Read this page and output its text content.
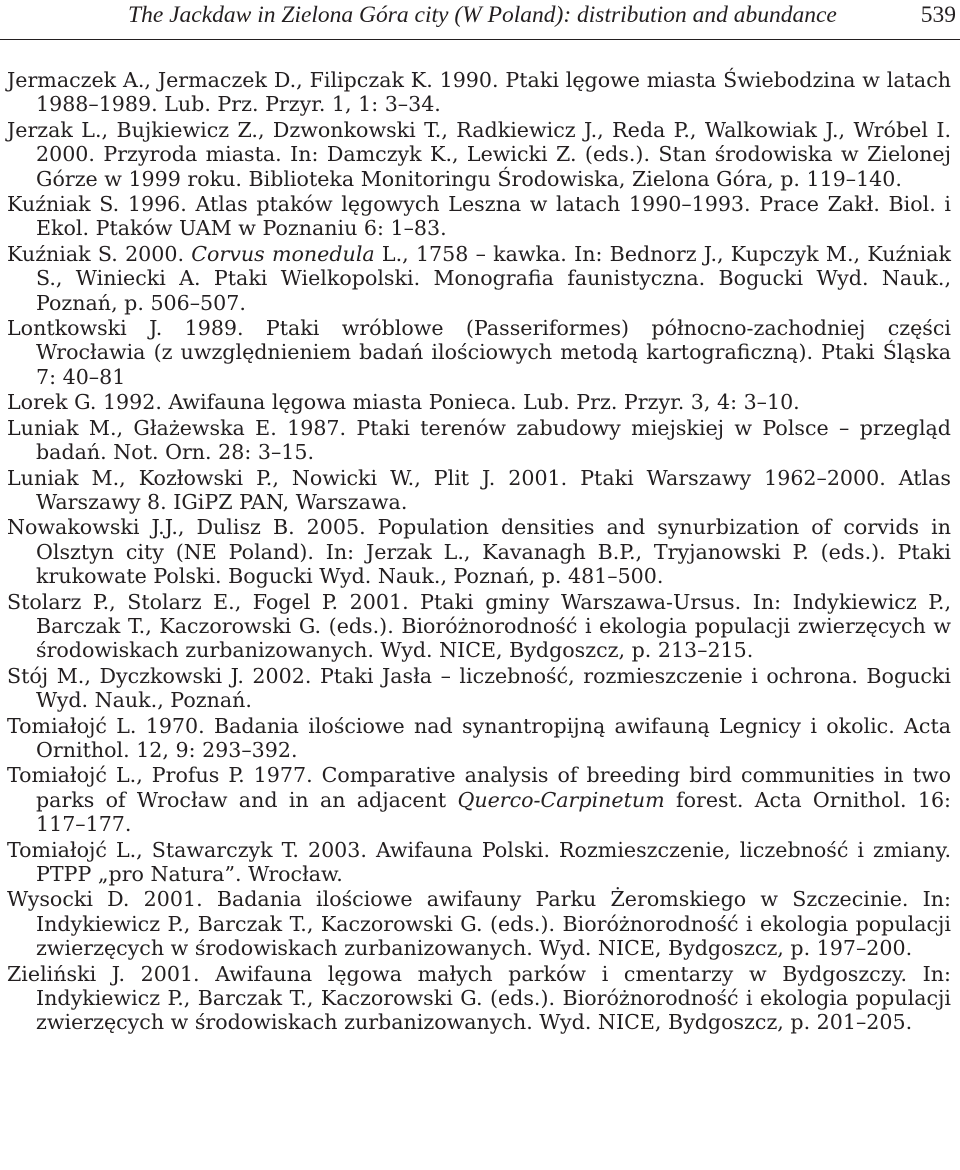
The Jackdaw in Zielona Góra city (W Poland): distribution and abundance	539
Jermaczek A., Jermaczek D., Filipczak K. 1990. Ptaki lęgowe miasta Świebodzina w latach 1988–1989. Lub. Prz. Przyr. 1, 1: 3–34.
Jerzak L., Bujkiewicz Z., Dzwonkowski T., Radkiewicz J., Reda P., Walkowiak J., Wróbel I. 2000. Przyroda miasta. In: Damczyk K., Lewicki Z. (eds.). Stan środowiska w Zielonej Górze w 1999 roku. Biblioteka Monitoringu Środowiska, Zielona Góra, p. 119–140.
Kuźniak S. 1996. Atlas ptaków lęgowych Leszna w latach 1990–1993. Prace Zakł. Biol. i Ekol. Ptaków UAM w Poznaniu 6: 1–83.
Kuźniak S. 2000. Corvus monedula L., 1758 – kawka. In: Bednorz J., Kupczyk M., Kuźniak S., Winiecki A. Ptaki Wielkopolski. Monografia faunistyczna. Bogucki Wyd. Nauk., Poznań, p. 506–507.
Lontkowski J. 1989. Ptaki wróblowe (Passeriformes) północno-zachodniej części Wrocławia (z uwzględnieniem badań ilościowych metodą kartograficzną). Ptaki Śląska 7: 40–81
Lorek G. 1992. Awifauna lęgowa miasta Ponieca. Lub. Prz. Przyr. 3, 4: 3–10.
Luniak M., Głażewska E. 1987. Ptaki terenów zabudowy miejskiej w Polsce – przegląd badań. Not. Orn. 28: 3–15.
Luniak M., Kozłowski P., Nowicki W., Plit J. 2001. Ptaki Warszawy 1962–2000. Atlas Warszawy 8. IGiPZ PAN, Warszawa.
Nowakowski J.J., Dulisz B. 2005. Population densities and synurbization of corvids in Olsztyn city (NE Poland). In: Jerzak L., Kavanagh B.P., Tryjanowski P. (eds.). Ptaki krukowate Polski. Bogucki Wyd. Nauk., Poznań, p. 481–500.
Stolarz P., Stolarz E., Fogel P. 2001. Ptaki gminy Warszawa-Ursus. In: Indykiewicz P., Barczak T., Kaczorowski G. (eds.). Bioróżnorodność i ekologia populacji zwierzęcych w środowiskach zurbanizowanych. Wyd. NICE, Bydgoszcz, p. 213–215.
Stój M., Dyczkowski J. 2002. Ptaki Jasła – liczebność, rozmieszczenie i ochrona. Bogucki Wyd. Nauk., Poznań.
Tomiałojć L. 1970. Badania ilościowe nad synantropijną awifauną Legnicy i okolic. Acta Ornithol. 12, 9: 293–392.
Tomiałojć L., Profus P. 1977. Comparative analysis of breeding bird communities in two parks of Wrocław and in an adjacent Querco-Carpinetum forest. Acta Ornithol. 16: 117–177.
Tomiałojć L., Stawarczyk T. 2003. Awifauna Polski. Rozmieszczenie, liczebność i zmiany. PTPP „pro Natura”. Wrocław.
Wysocki D. 2001. Badania ilościowe awifauny Parku Żeromskiego w Szczecinie. In: Indykiewicz P., Barczak T., Kaczorowski G. (eds.). Bioróżnorodność i ekologia populacji zwierzęcych w środowiskach zurbanizowanych. Wyd. NICE, Bydgoszcz, p. 197–200.
Zieliński J. 2001. Awifauna lęgowa małych parków i cmentarzy w Bydgoszczy. In: Indykiewicz P., Barczak T., Kaczorowski G. (eds.). Bioróżnorodność i ekologia populacji zwierzęcych w środowiskach zurbanizowanych. Wyd. NICE, Bydgoszcz, p. 201–205.
